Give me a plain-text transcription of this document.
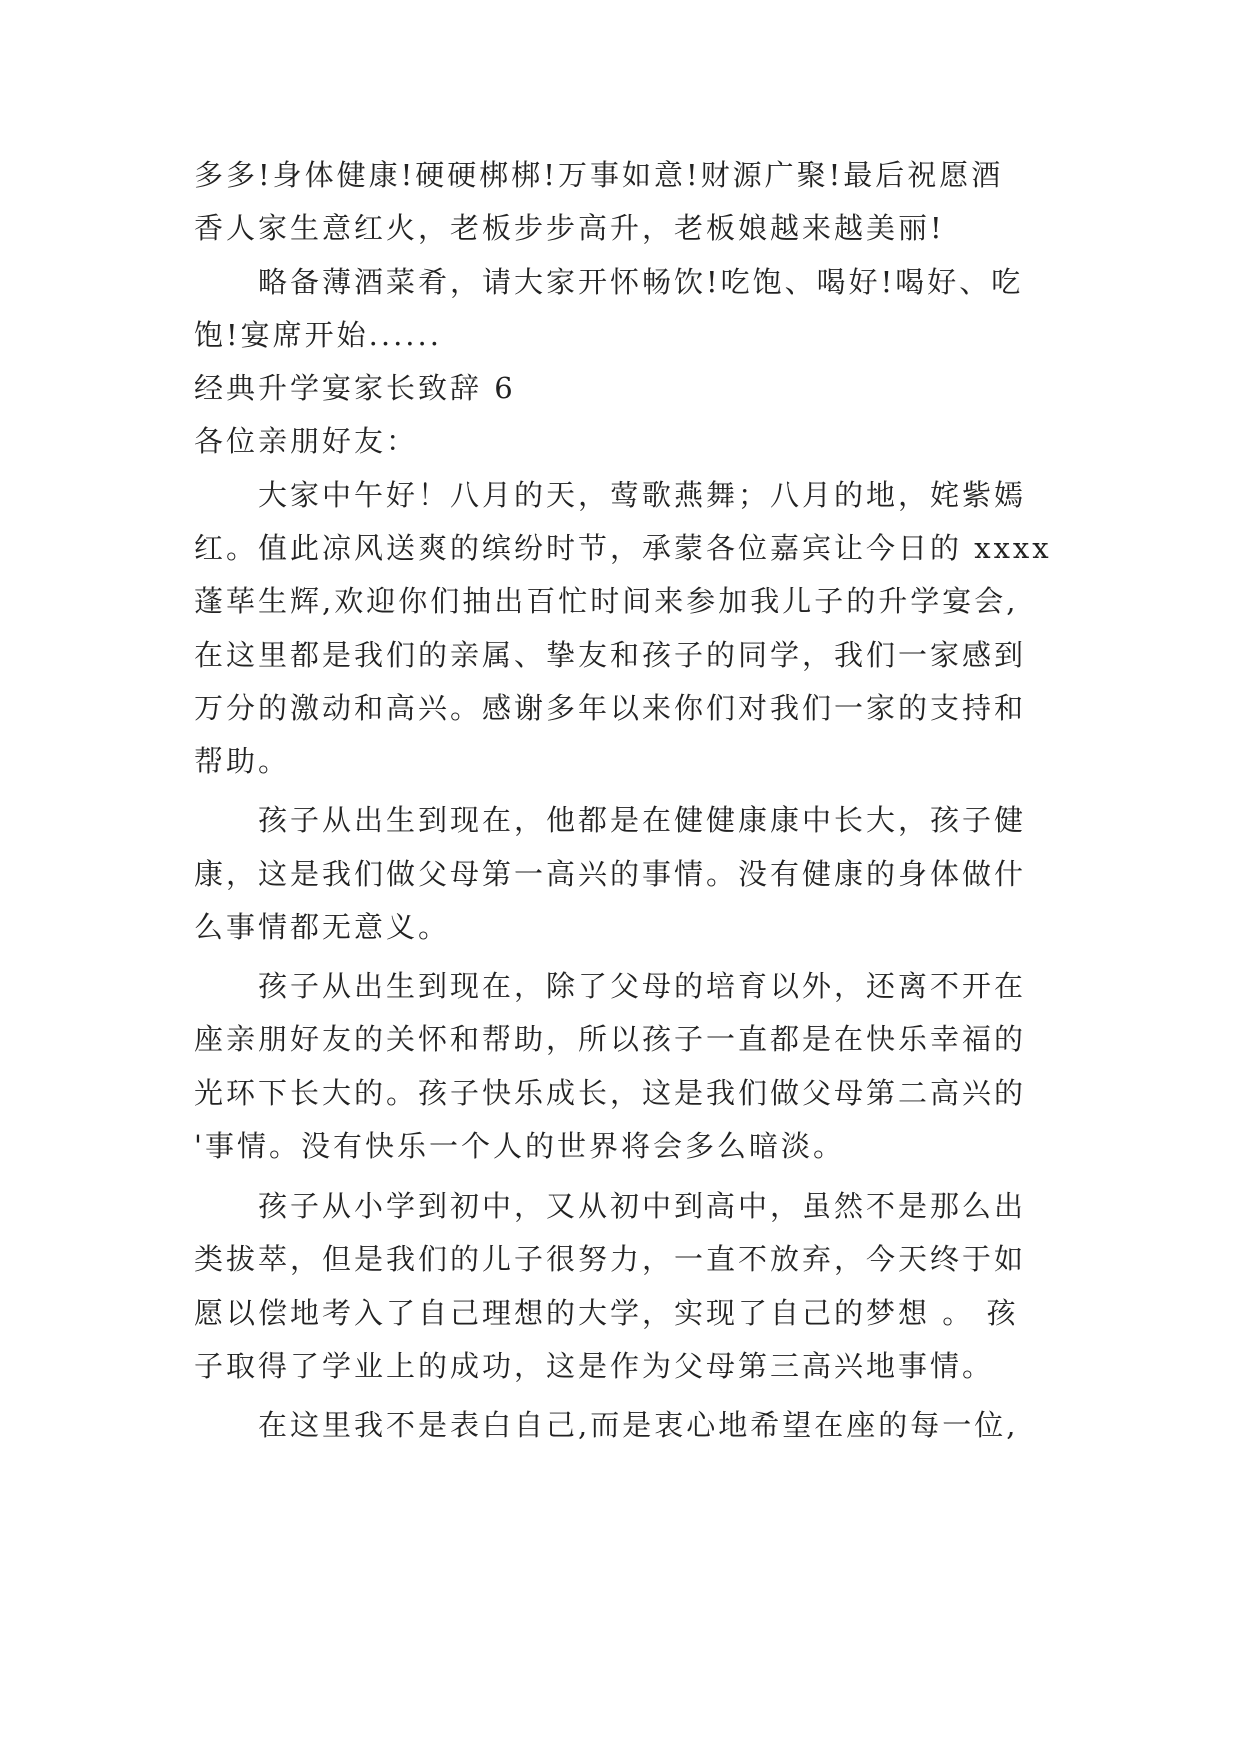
多多!身体健康!硬硬梆梆!万事如意!财源广聚!最后祝愿酒
香人家生意红火，老板步步高升，老板娘越来越美丽!
略备薄酒菜肴，请大家开怀畅饮!吃饱、喝好!喝好、吃
饱!宴席开始......
经典升学宴家长致辞 6
各位亲朋好友：
大家中午好！八月的天，莺歌燕舞；八月的地，姹紫嫣
红。值此凉风送爽的缤纷时节，承蒙各位嘉宾让今日的 xxxx
蓬荜生辉,欢迎你们抽出百忙时间来参加我儿子的升学宴会,
在这里都是我们的亲属、挚友和孩子的同学，我们一家感到
万分的激动和高兴。感谢多年以来你们对我们一家的支持和
帮助。
孩子从出生到现在，他都是在健健康康中长大，孩子健
康，这是我们做父母第一高兴的事情。没有健康的身体做什
么事情都无意义。
孩子从出生到现在，除了父母的培育以外，还离不开在
座亲朋好友的关怀和帮助，所以孩子一直都是在快乐幸福的
光环下长大的。孩子快乐成长，这是我们做父母第二高兴的
'事情。没有快乐一个人的世界将会多么暗淡。
孩子从小学到初中，又从初中到高中，虽然不是那么出
类拔萃，但是我们的儿子很努力，一直不放弃，今天终于如
愿以偿地考入了自己理想的大学，实现了自己的梦想 。 孩
子取得了学业上的成功，这是作为父母第三高兴地事情。
在这里我不是表白自己,而是衷心地希望在座的每一位,
